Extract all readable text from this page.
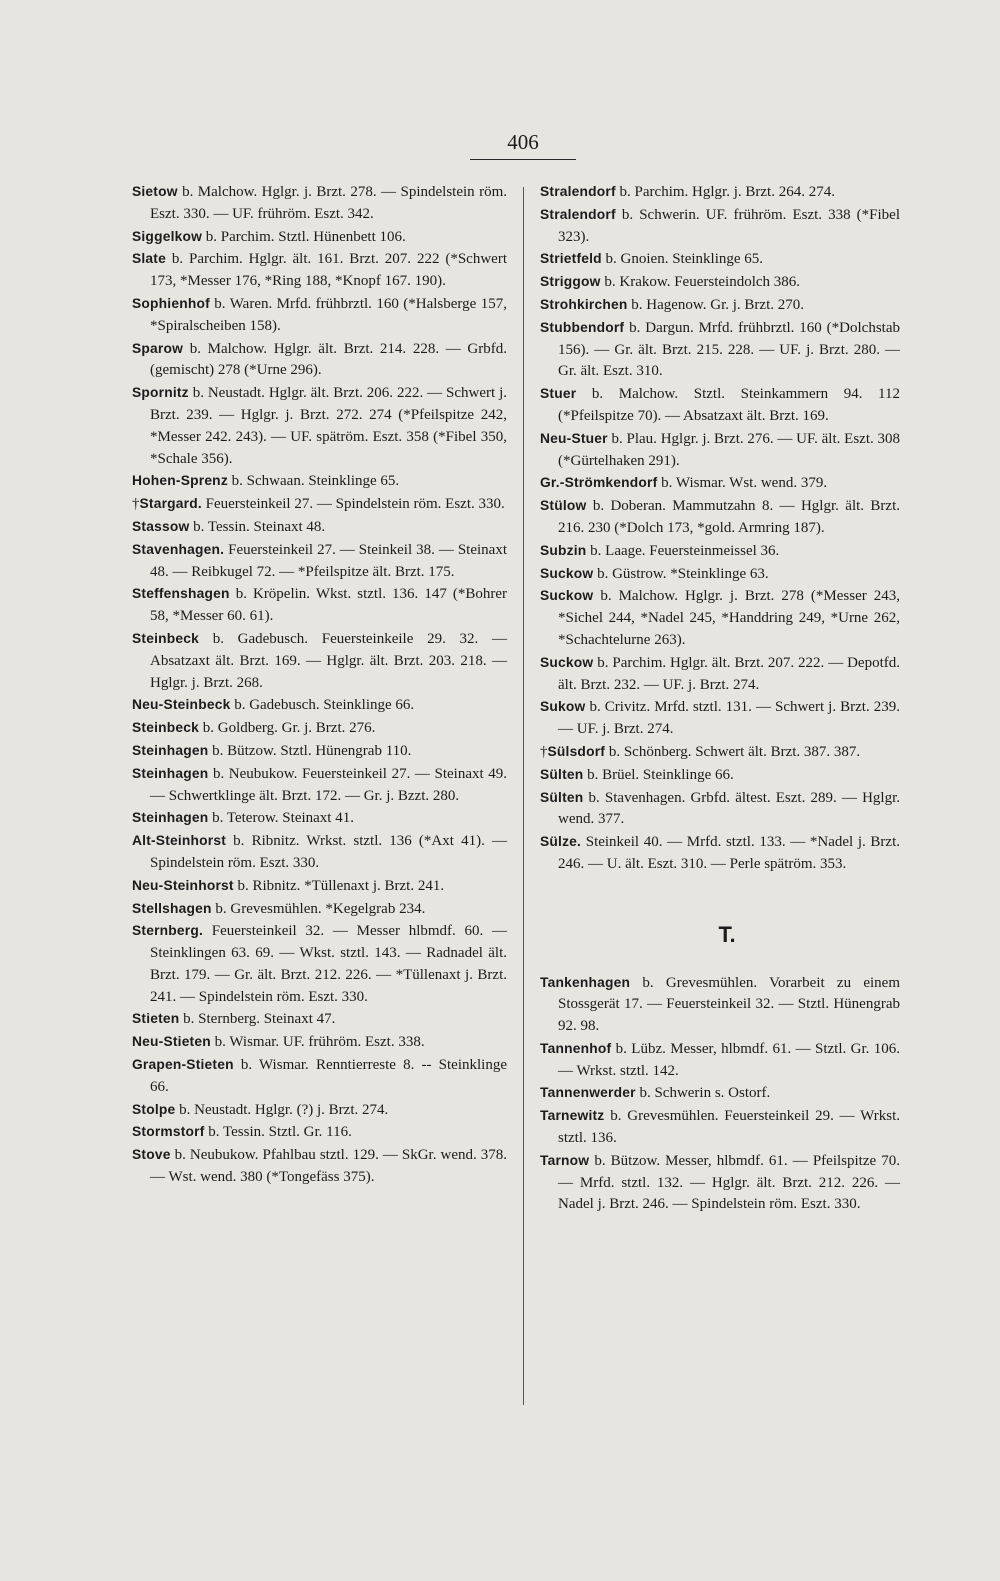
406
Sietow b. Malchow. Hglgr. j. Brzt. 278. — Spindelstein röm. Eszt. 330. — UF. frühröm. Eszt. 342.
Siggelkow b. Parchim. Stztl. Hünenbett 106.
Slate b. Parchim. Hglgr. ält. 161. Brzt. 207. 222 (*Schwert 173, *Messer 176, *Ring 188, *Knopf 167. 190).
Sophienhof b. Waren. Mrfd. frühbrztl. 160 (*Halsberge 157, *Spiralscheiben 158).
Sparow b. Malchow. Hglgr. ält. Brzt. 214. 228. — Grbfd. (gemischt) 278 (*Urne 296).
Spornitz b. Neustadt. Hglgr. ält. Brzt. 206. 222. — Schwert j. Brzt. 239. — Hglgr. j. Brzt. 272. 274 (*Pfeilspitze 242, *Messer 242. 243). — UF. spätröm. Eszt. 358 (*Fibel 350, *Schale 356).
Hohen-Sprenz b. Schwaan. Steinklinge 65.
†Stargard. Feuersteinkeil 27. — Spindelstein röm. Eszt. 330.
Stassow b. Tessin. Steinaxt 48.
Stavenhagen. Feuersteinkeil 27. — Steinkeil 38. — Steinaxt 48. — Reibkugel 72. — *Pfeilspitze ält. Brzt. 175.
Steffenshagen b. Kröpelin. Wkst. stztl. 136. 147 (*Bohrer 58, *Messer 60. 61).
Steinbeck b. Gadebusch. Feuersteinkeile 29. 32. — Absatzaxt ält. Brzt. 169. — Hglgr. ält. Brzt. 203. 218. — Hglgr. j. Brzt. 268.
Neu-Steinbeck b. Gadebusch. Steinklinge 66.
Steinbeck b. Goldberg. Gr. j. Brzt. 276.
Steinhagen b. Bützow. Stztl. Hünengrab 110.
Steinhagen b. Neubukow. Feuersteinkeil 27. — Steinaxt 49. — Schwertklinge ält. Brzt. 172. — Gr. j. Bzzt. 280.
Steinhagen b. Teterow. Steinaxt 41.
Alt-Steinhorst b. Ribnitz. Wrkst. stztl. 136 (*Axt 41). — Spindelstein röm. Eszt. 330.
Neu-Steinhorst b. Ribnitz. *Tüllenaxt j. Brzt. 241.
Stellshagen b. Grevesmühlen. *Kegelgrab 234.
Sternberg. Feuersteinkeil 32. — Messer hlbmdf. 60. — Steinklingen 63. 69. — Wkst. stztl. 143. — Radnadel ält. Brzt. 179. — Gr. ält. Brzt. 212. 226. — *Tüllenaxt j. Brzt. 241. — Spindelstein röm. Eszt. 330.
Stieten b. Sternberg. Steinaxt 47.
Neu-Stieten b. Wismar. UF. frühröm. Eszt. 338.
Grapen-Stieten b. Wismar. Renntierreste 8. -- Steinklinge 66.
Stolpe b. Neustadt. Hglgr. (?) j. Brzt. 274.
Stormstorf b. Tessin. Stztl. Gr. 116.
Stove b. Neubukow. Pfahlbau stztl. 129. — SkGr. wend. 378. — Wst. wend. 380 (*Tongefäss 375).
Stralendorf b. Parchim. Hglgr. j. Brzt. 264. 274.
Stralendorf b. Schwerin. UF. frühröm. Eszt. 338 (*Fibel 323).
Strietfeld b. Gnoien. Steinklinge 65.
Striggow b. Krakow. Feuersteindolch 386.
Strohkirchen b. Hagenow. Gr. j. Brzt. 270.
Stubbendorf b. Dargun. Mrfd. frühbrztl. 160 (*Dolchstab 156). — Gr. ält. Brzt. 215. 228. — UF. j. Brzt. 280. — Gr. ält. Eszt. 310.
Stuer b. Malchow. Stztl. Steinkammern 94. 112 (*Pfeilspitze 70). — Absatzaxt ält. Brzt. 169.
Neu-Stuer b. Plau. Hglgr. j. Brzt. 276. — UF. ält. Eszt. 308 (*Gürtelhaken 291).
Gr.-Strömkendorf b. Wismar. Wst. wend. 379.
Stülow b. Doberan. Mammutzahn 8. — Hglgr. ält. Brzt. 216. 230 (*Dolch 173, *gold. Armring 187).
Subzin b. Laage. Feuersteinmeissel 36.
Suckow b. Güstrow. *Steinklinge 63.
Suckow b. Malchow. Hglgr. j. Brzt. 278 (*Messer 243, *Sichel 244, *Nadel 245, *Handdring 249, *Urne 262, *Schachtelurne 263).
Suckow b. Parchim. Hglgr. ält. Brzt. 207. 222. — Depotfd. ält. Brzt. 232. — UF. j. Brzt. 274.
Sukow b. Crivitz. Mrfd. stztl. 131. — Schwert j. Brzt. 239. — UF. j. Brzt. 274.
†Sülsdorf b. Schönberg. Schwert ält. Brzt. 387. 387.
Sülten b. Brüel. Steinklinge 66.
Sülten b. Stavenhagen. Grbfd. ältest. Eszt. 289. — Hglgr. wend. 377.
Sülze. Steinkeil 40. — Mrfd. stztl. 133. — *Nadel j. Brzt. 246. — U. ält. Eszt. 310. — Perle spätröm. 353.
T.
Tankenhagen b. Grevesmühlen. Vorarbeit zu einem Stossgerät 17. — Feuersteinkeil 32. — Stztl. Hünengrab 92. 98.
Tannenhof b. Lübz. Messer, hlbmdf. 61. — Stztl. Gr. 106. — Wrkst. stztl. 142.
Tannenwerder b. Schwerin s. Ostorf.
Tarnewitz b. Grevesmühlen. Feuersteinkeil 29. — Wrkst. stztl. 136.
Tarnow b. Bützow. Messer, hlbmdf. 61. — Pfeilspitze 70. — Mrfd. stztl. 132. — Hglgr. ält. Brzt. 212. 226. — Nadel j. Brzt. 246. — Spindelstein röm. Eszt. 330.
